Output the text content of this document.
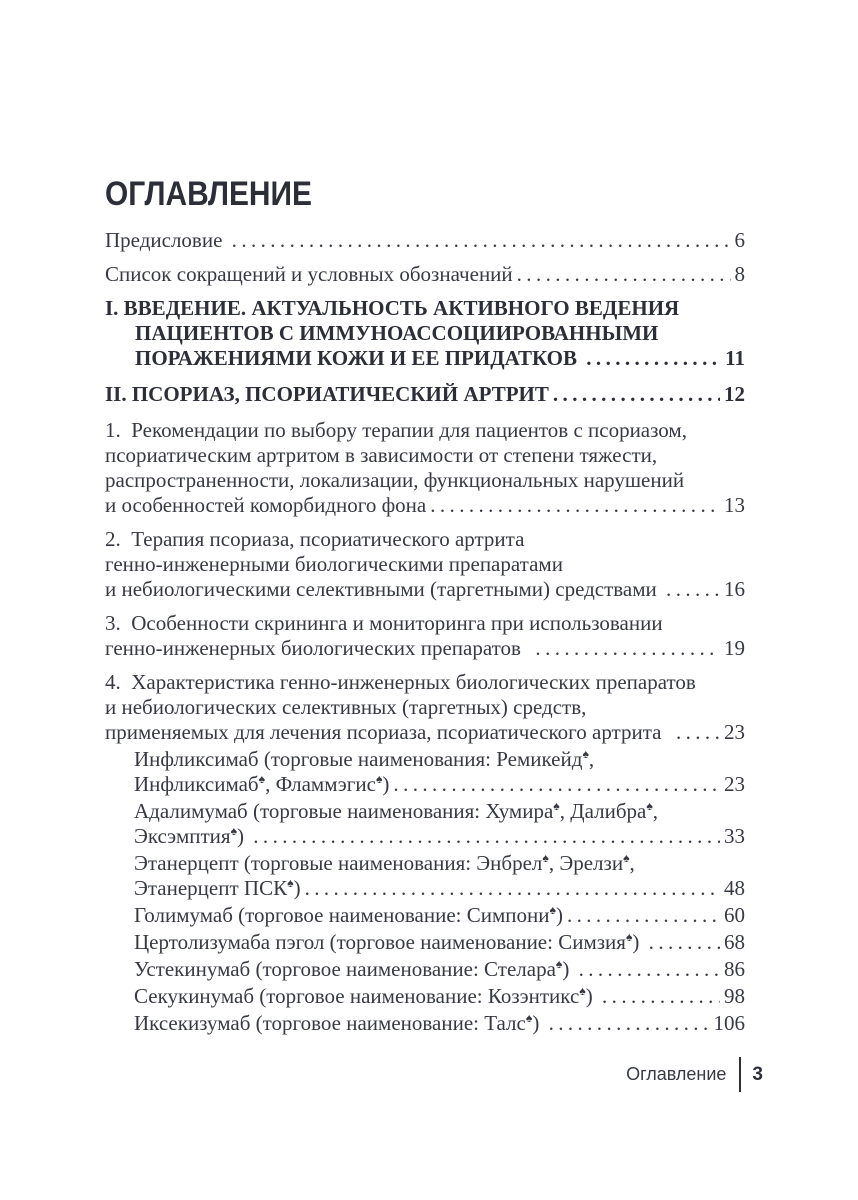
ОГЛАВЛЕНИЕ
Предисловие .....	6
Список сокращений и условных обозначений .....	8
I. ВВЕДЕНИЕ. АКТУАЛЬНОСТЬ АКТИВНОГО ВЕДЕНИЯ
ПАЦИЕНТОВ С ИММУНОАССОЦИИРОВАННЫМИ
ПОРАЖЕНИЯМИ КОЖИ И ЕЕ ПРИДАТКОВ .....	11
II. ПСОРИАЗ, ПСОРИАТИЧЕСКИЙ АРТРИТ .....	12
1.  Рекомендации по выбору терапии для пациентов с псориазом,
псориатическим артритом в зависимости от степени тяжести,
распространенности, локализации, функциональных нарушений
и особенностей коморбидного фона .....	13
2.  Терапия псориаза, псориатического артрита
генно-инженерными биологическими препаратами
и небиологическими селективными (таргетными) средствами .....	16
3.  Особенности скрининга и мониторинга при использовании
генно-инженерных биологических препаратов .....	19
4.  Характеристика генно-инженерных биологических препаратов
и небиологических селективных (таргетных) средств,
применяемых для лечения псориаза, псориатического артрита ..... 23
Инфликсимаб (торговые наименования: Ремикейд♠,
Инфликсимаб♠, Фламмэгис♠) .....	23
Адалимумаб (торговые наименования: Хумира♠, Далибра♠,
Эксэмптия♠) .....	33
Этанерцепт (торговые наименования: Энбрел♠, Эрелзи♠,
Этанерцепт ПСК♠) .....	48
Голимумаб (торговое наименование: Симпони♠) .....	60
Цертолизумаба пэгол (торговое наименование: Симзия♠) .....	68
Устекинумаб (торговое наименование: Стелара♠) .....	86
Секукинумаб (торговое наименование: Козэнтикс♠) .....	98
Иксекизумаб (торговое наименование: Талс♠) .....	106
Оглавление 3
